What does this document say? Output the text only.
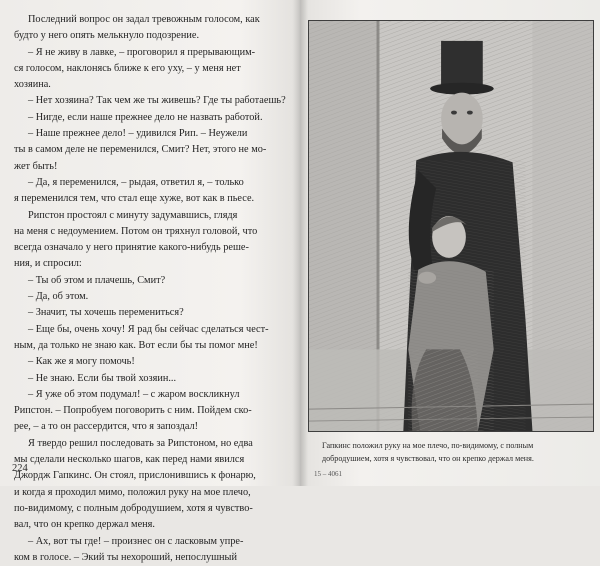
Последний вопрос он задал тревожным голосом, как
будто у него опять мелькнуло подозрение.
– Я не живу в лавке, – проговорил я прерывающим-
ся голосом, наклонясь ближе к его уху, – у меня нет
хозяина.
– Нет хозяина? Так чем же ты живешь? Где ты работаешь?
– Нигде, если наше прежнее дело не назвать работой.
– Наше прежнее дело! – удивился Рип. – Неужели
ты в самом деле не переменился, Смит? Нет, этого не мо-
жет быть!
– Да, я переменился, – рыдая, ответил я, – только
я переменился тем, что стал еще хуже, вот как в пьесе.
Рипстон простоял с минуту задумавшись, глядя
на меня с недоумением. Потом он тряхнул головой, что
всегда означало у него принятие какого-нибудь реше-
ния, и спросил:
– Ты об этом и плачешь, Смит?
– Да, об этом.
– Значит, ты хочешь перемениться?
– Еще бы, очень хочу! Я рад бы сейчас сделаться чест-
ным, да только не знаю как. Вот если бы ты помог мне!
– Как же я могу помочь!
– Не знаю. Если бы твой хозяин...
– Я уже об этом подумал! – с жаром воскликнул
Рипстон. – Попробуем поговорить с ним. Пойдем ско-
рее, – а то он рассердится, что я запоздал!
Я твердо решил последовать за Рипстоном, но едва
мы сделали несколько шагов, как перед нами явился
Джордж Гапкинс. Он стоял, прислонившись к фонарю,
и когда я проходил мимо, положил руку на мое плечо,
по-видимому, с полным добродушием, хотя я чувство-
вал, что он крепко держал меня.
– Ах, вот ты где! – произнес он с ласковым упре-
ком в голосе. – Экий ты нехороший, непослушный
224
Гапкинс положил руку на мое плечо, по-видимому, с полным
добродушием, хотя я чувствовал, что он крепко держал меня.
15 – 4061
